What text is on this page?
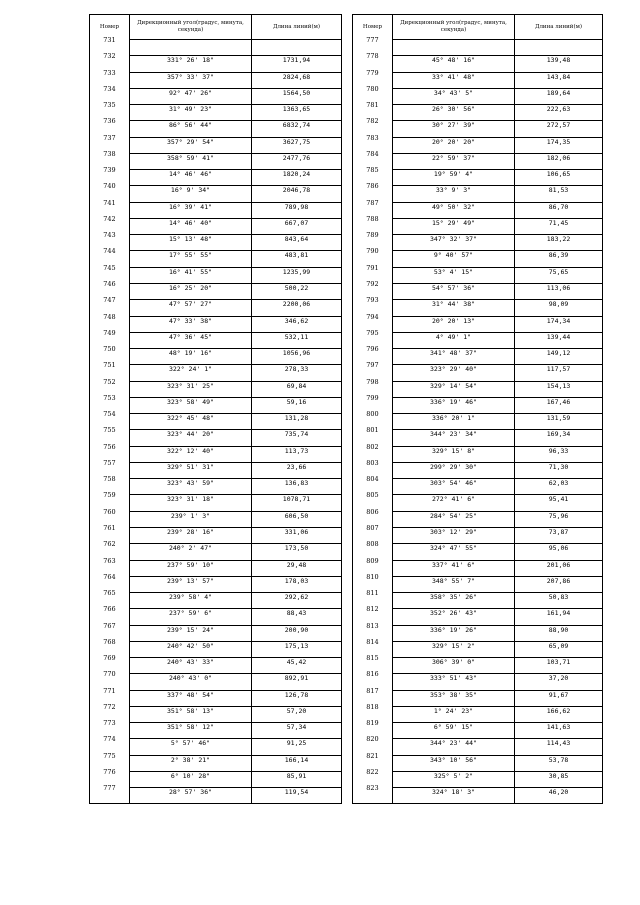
Номер	Дирекционный угол(градус, минута, секунда)	Длина линий(м)

731		

732	331° 26' 18"	1731,94

733	357° 33' 37"	2824,68

734	92° 47' 26"	1564,50

735	31° 49' 23"	1363,65

736	86° 56' 44"	6832,74

737	357° 29' 54"	3627,75

738	358° 59' 41"	2477,76

739	14° 46' 46"	1820,24

740	16° 9' 34"	2046,78

741	16° 39' 41"	789,98

742	14° 46' 40"	667,07

743	15° 13' 48"	843,64

744	17° 55' 55"	483,81

745	16° 41' 55"	1235,99

746	16° 25' 20"	500,22

747	47° 57' 27"	2200,06

748	47° 33' 38"	346,62

749	47° 36' 45"	532,11

750	48° 19' 16"	1056,96

751	322° 24' 1"	278,33

752	323° 31' 25"	69,84

753	323° 58' 49"	59,16

754	322° 45' 48"	131,28

755	323° 44' 20"	735,74

756	322° 12' 40"	113,73

757	329° 51' 31"	23,66

758	323° 43' 59"	136,83

759	323° 31' 18"	1078,71

760	239° 1' 3"	606,50

761	239° 28' 16"	331,06

762	240° 2' 47"	173,50

763	237° 59' 10"	29,48

764	239° 13' 57"	178,03

765	239° 58' 4"	292,62

766	237° 59' 6"	88,43

767	239° 15' 24"	200,90

768	240° 42' 50"	175,13

769	240° 43' 33"	45,42

770	240° 43' 0"	892,91

771	337° 48' 54"	126,78

772	351° 58' 13"	57,20

773	351° 58' 12"	57,34

774	5° 57' 46"	91,25

775	2° 38' 21"	166,14

776	6° 10' 28"	85,91

777	28° 57' 36"	119,54
Номер	Дирекционный угол(градус, минута, секунда)	Длина линий(м)

777		

778	45° 48' 16"	139,48

779	33° 41' 48"	143,84

780	34° 43' 5"	189,64

781	26° 30' 56"	222,63

782	30° 27' 39"	272,57

783	20° 20' 20"	174,35

784	22° 59' 37"	182,06

785	19° 59' 4"	106,65

786	33° 9' 3"	81,53

787	49° 50' 32"	86,70

788	15° 29' 49"	71,45

789	347° 32' 37"	183,22

790	9° 40' 57"	86,39

791	53° 4' 15"	75,65

792	54° 57' 36"	113,06

793	31° 44' 38"	98,09

794	20° 20' 13"	174,34

795	4° 49' 1"	139,44

796	341° 48' 37"	149,12

797	323° 29' 40"	117,57

798	329° 14' 54"	154,13

799	336° 19' 46"	167,46

800	336° 20' 1"	131,59

801	344° 23' 34"	169,34

802	329° 15' 8"	96,33

803	299° 29' 30"	71,30

804	303° 54' 46"	62,03

805	272° 41' 6"	95,41

806	284° 54' 25"	75,96

807	303° 12' 29"	73,87

808	324° 47' 55"	95,06

809	337° 41' 6"	201,06

810	348° 55' 7"	207,86

811	358° 35' 26"	50,83

812	352° 26' 43"	161,94

813	336° 19' 26"	88,90

814	329° 15' 2"	65,09

815	306° 39' 0"	103,71

816	333° 51' 43"	37,20

817	353° 38' 35"	91,67

818	1° 24' 23"	166,62

819	6° 59' 15"	141,63

820	344° 23' 44"	114,43

821	343° 10' 56"	53,78

822	325° 5' 2"	30,85

823	324° 18' 3"	46,20
